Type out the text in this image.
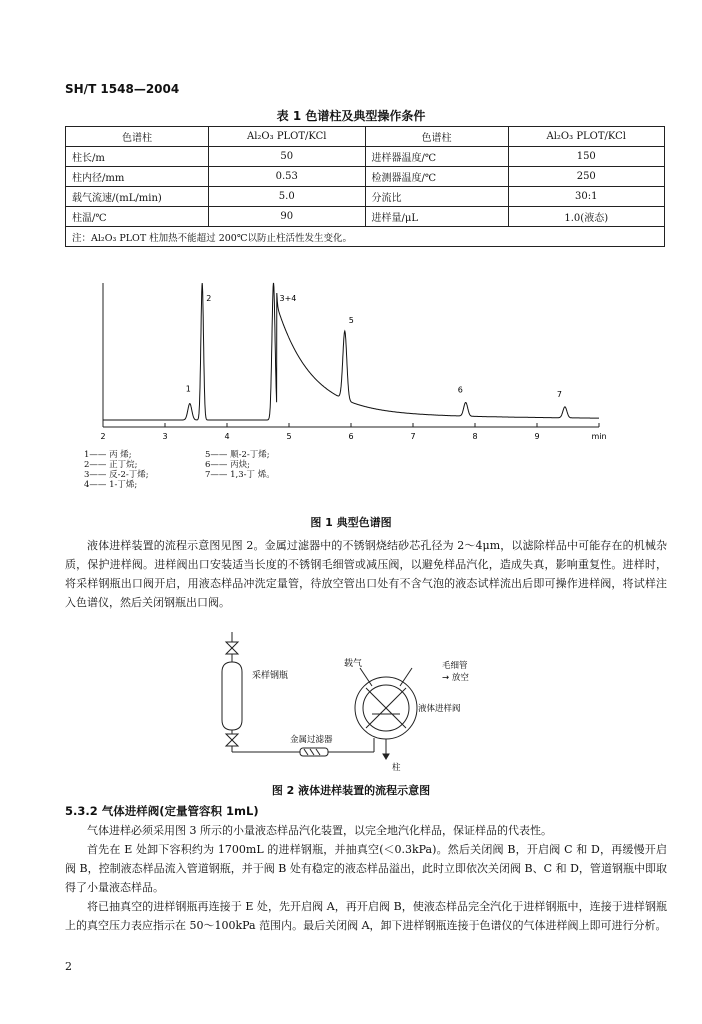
SH/T 1548—2004
表 1 色谱柱及典型操作条件
色谱柱	Al₂O₃ PLOT/KCl	色谱柱	Al₂O₃ PLOT/KCl
柱长/m	50	进样器温度/℃	150
柱内径/mm	0.53	检测器温度/℃	250
载气流速/(mL/min)	5.0	分流比	30:1
柱温/℃	90	进样量/μL	1.0(液态)
注：Al₂O₃ PLOT 柱加热不能超过 200℃以防止柱活性发生变化。			
2	3	4	5	6	7	8	9	min
1
2	3+4
5
6	7
1—— 丙 烯;
2—— 正丁烷;
3—— 反-2-丁烯;
4—— 1-丁烯;
5—— 顺-2-丁烯;
6—— 丙炔;
7—— 1,3-丁 烯。
图 1 典型色谱图
液体进样装置的流程示意图见图 2。金属过滤器中的不锈钢烧结砂芯孔径为 2～4μm，以滤除样品中可能存在的机械杂质，保护进样阀。进样阀出口安装适当长度的不锈钢毛细管或减压阀，以避免样品汽化，造成失真，影响重复性。进样时，将采样钢瓶出口阀开启，用液态样品冲洗定量管，待放空管出口处有不含气泡的液态试样流出后即可操作进样阀，将试样注入色谱仪，然后关闭钢瓶出口阀。
采样钢瓶
金属过滤器
载气	毛细管
→ 放空
液体进样阀
柱
图 2 液体进样装置的流程示意图
5.3.2 气体进样阀(定量管容积 1mL)
气体进样必须采用图 3 所示的小量液态样品汽化装置，以完全地汽化样品，保证样品的代表性。
首先在 E 处卸下容积约为 1700mL 的进样钢瓶，并抽真空(＜0.3kPa)。然后关闭阀 B，开启阀 C 和 D，再缓慢开启阀 B，控制液态样品流入管道钢瓶，并于阀 B 处有稳定的液态样品溢出，此时立即依次关闭阀 B、C 和 D，管道钢瓶中即取得了小量液态样品。
将已抽真空的进样钢瓶再连接于 E 处，先开启阀 A，再开启阀 B，使液态样品完全汽化于进样钢瓶中，连接于进样钢瓶上的真空压力表应指示在 50～100kPa 范围内。最后关闭阀 A，卸下进样钢瓶连接于色谱仪的气体进样阀上即可进行分析。
2
